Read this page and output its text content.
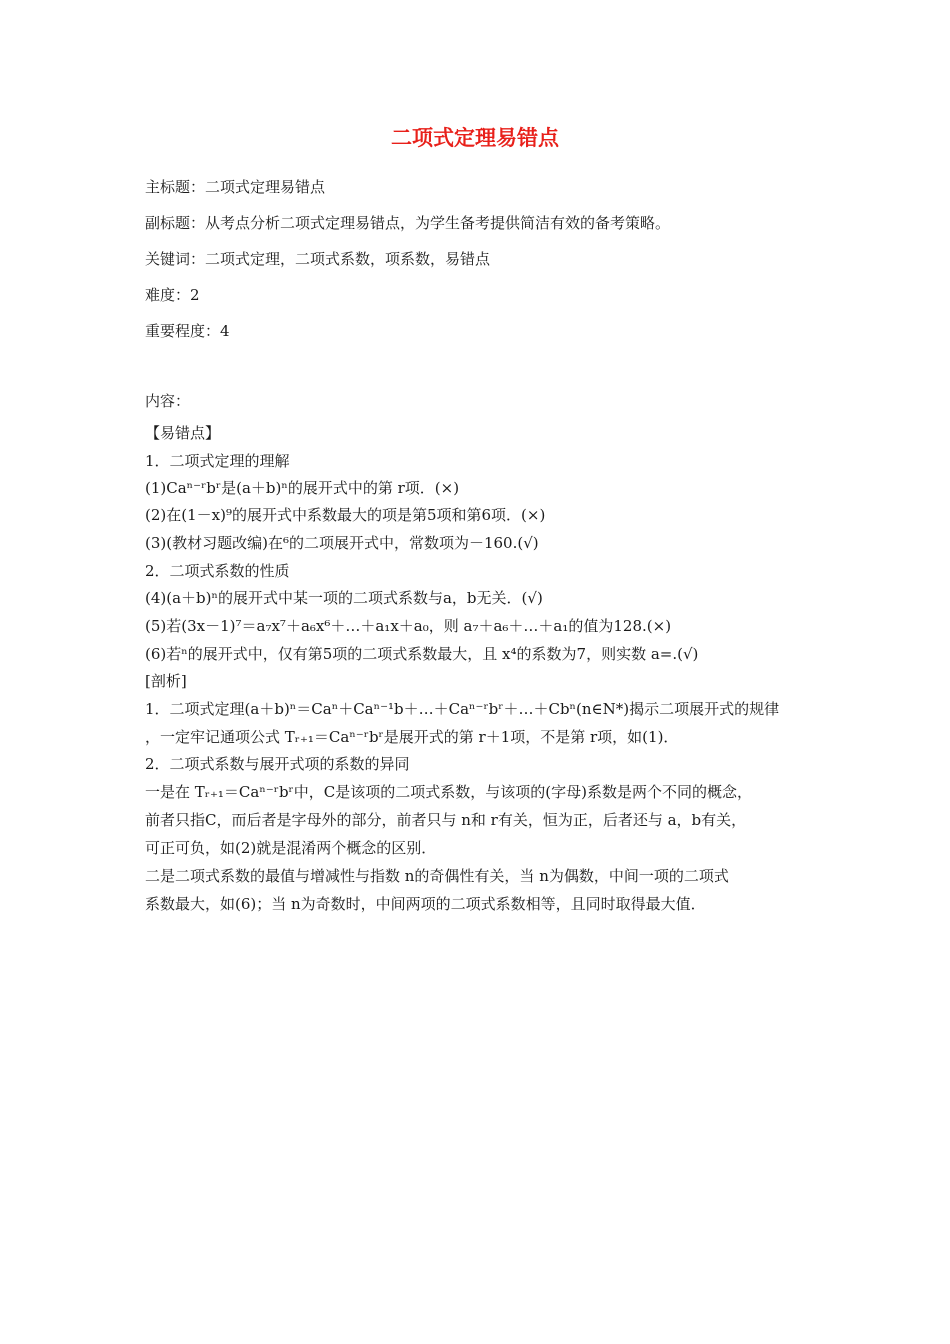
二项式定理易错点
主标题：二项式定理易错点
副标题：从考点分析二项式定理易错点，为学生备考提供简洁有效的备考策略。
关键词：二项式定理，二项式系数，项系数，易错点
难度：2
重要程度：4
内容：
【易错点】
1．二项式定理的理解
(1)Caⁿ⁻ʳbʳ是(a＋b)ⁿ的展开式中的第 r项．(×)
(2)在(1－x)⁹的展开式中系数最大的项是第5项和第6项．(×)
(3)(教材习题改编)在⁶的二项展开式中，常数项为－160.(√)
2．二项式系数的性质
(4)(a＋b)ⁿ的展开式中某一项的二项式系数与a，b无关．(√)
(5)若(3x－1)⁷＝a₇x⁷＋a₆x⁶＋…＋a₁x＋a₀，则 a₇＋a₆＋…＋a₁的值为128.(×)
(6)若ⁿ的展开式中，仅有第5项的二项式系数最大，且 x⁴的系数为7，则实数 a=.(√)
[剖析]
1．二项式定理(a＋b)ⁿ＝Caⁿ＋Caⁿ⁻¹b＋…＋Caⁿ⁻ʳbʳ＋…＋Cbⁿ(n∈N*)揭示二项展开式的规律
，一定牢记通项公式 Tᵣ₊₁＝Caⁿ⁻ʳbʳ是展开式的第 r＋1项，不是第 r项，如(1)．
2．二项式系数与展开式项的系数的异同
一是在 Tᵣ₊₁＝Caⁿ⁻ʳbʳ中，C是该项的二项式系数，与该项的(字母)系数是两个不同的概念，
前者只指C，而后者是字母外的部分，前者只与 n和 r有关，恒为正，后者还与 a，b有关，
可正可负，如(2)就是混淆两个概念的区别．
二是二项式系数的最值与增减性与指数 n的奇偶性有关，当 n为偶数，中间一项的二项式
系数最大，如(6)；当 n为奇数时，中间两项的二项式系数相等，且同时取得最大值．
